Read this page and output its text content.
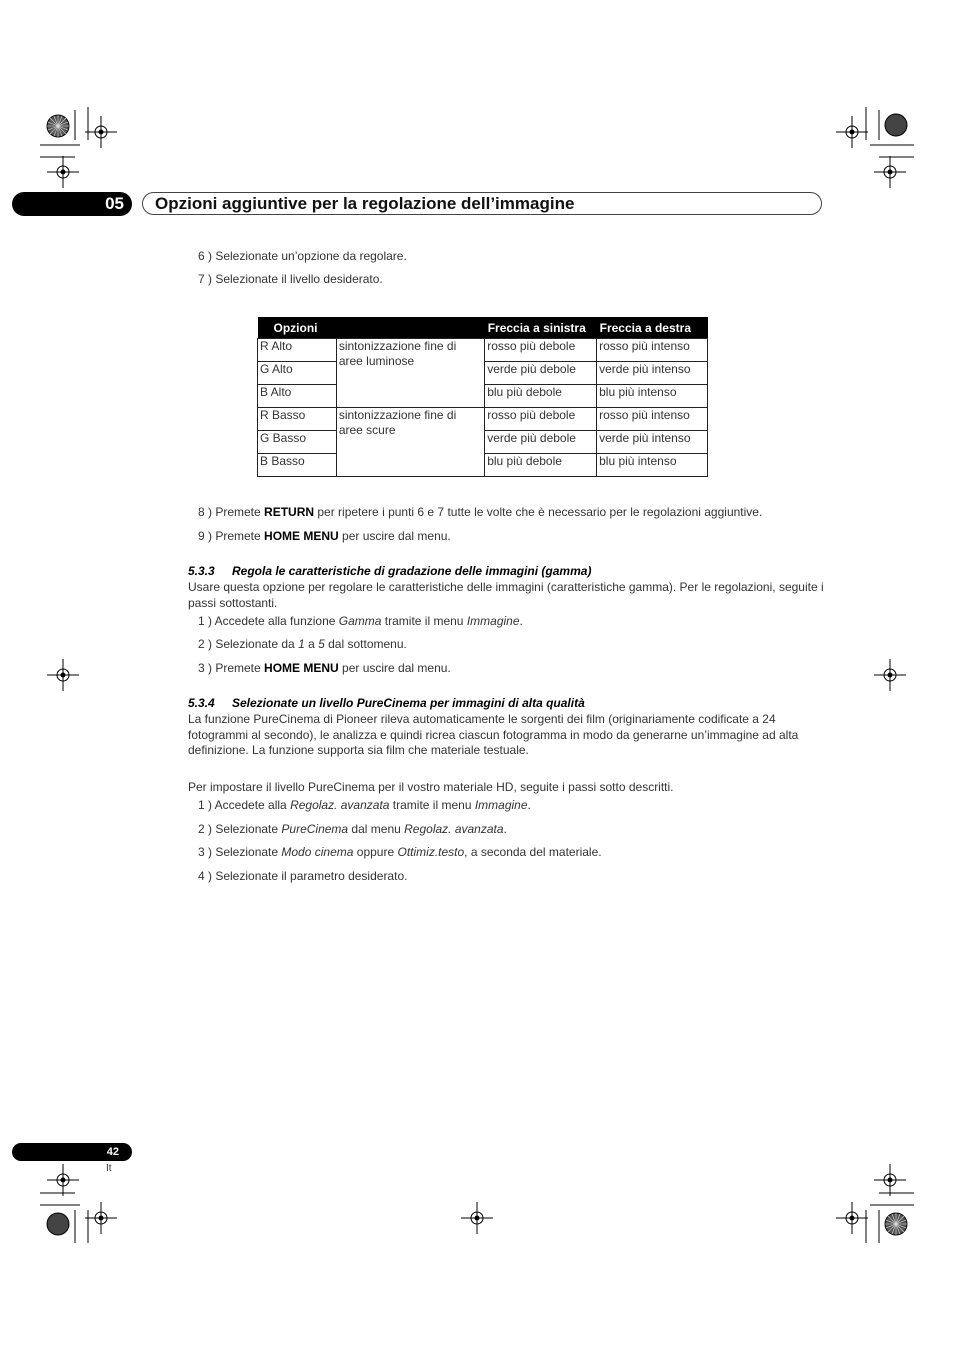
05 Opzioni aggiuntive per la regolazione dell’immagine
6 ) Selezionate un’opzione da regolare.
7 ) Selezionate il livello desiderato.
Opzioni		Freccia a sinistra	Freccia a destra
R Alto	sintonizzazione fine di aree luminose	rosso più debole	rosso più intenso
G Alto		verde più debole	verde più intenso
B Alto		blu più debole	blu più intenso
R Basso	sintonizzazione fine di aree scure	rosso più debole	rosso più intenso
G Basso		verde più debole	verde più intenso
B Basso		blu più debole	blu più intenso
8 ) Premete RETURN per ripetere i punti 6 e 7 tutte le volte che è necessario per le regolazioni aggiuntive.
9 ) Premete HOME MENU per uscire dal menu.
5.3.3 Regola le caratteristiche di gradazione delle immagini (gamma)
Usare questa opzione per regolare le caratteristiche delle immagini (caratteristiche gamma). Per le regolazioni, seguite i passi sottostanti.
1 ) Accedete alla funzione Gamma tramite il menu Immagine.
2 ) Selezionate da 1 a 5 dal sottomenu.
3 ) Premete HOME MENU per uscire dal menu.
5.3.4 Selezionate un livello PureCinema per immagini di alta qualità
La funzione PureCinema di Pioneer rileva automaticamente le sorgenti dei film (originariamente codificate a 24 fotogrammi al secondo), le analizza e quindi ricrea ciascun fotogramma in modo da generarne un’immagine ad alta definizione. La funzione supporta sia film che materiale testuale.
Per impostare il livello PureCinema per il vostro materiale HD, seguite i passi sotto descritti.
1 ) Accedete alla Regolaz. avanzata tramite il menu Immagine.
2 ) Selezionate PureCinema dal menu Regolaz. avanzata.
3 ) Selezionate Modo cinema oppure Ottimiz.testo, a seconda del materiale.
4 ) Selezionate il parametro desiderato.
42
It
